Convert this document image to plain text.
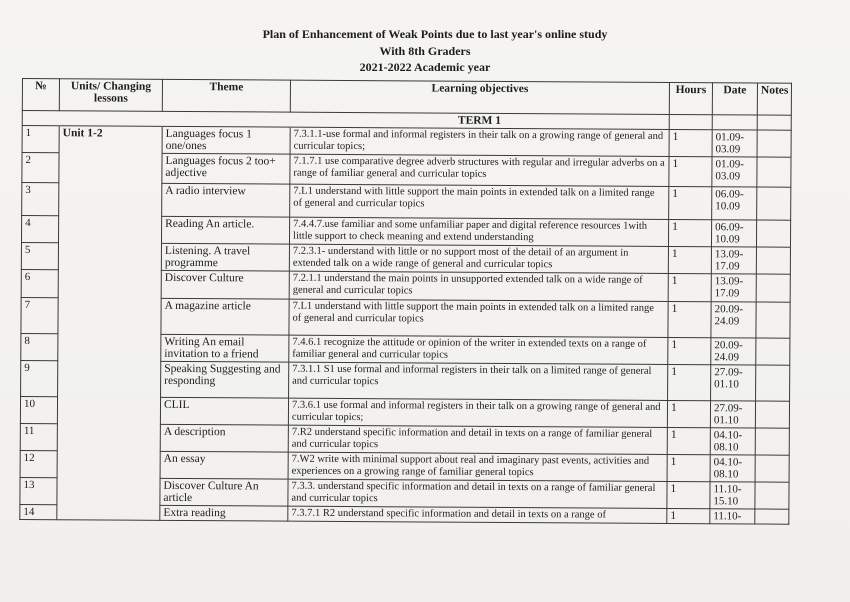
Plan of Enhancement of Weak Points due to last year's online study
With 8th Graders
2021-2022 Academic year
№	Units/ Changing lessons	Theme	Learning objectives	Hours	Date	Notes
			TERM 1			
1	Unit 1-2	Languages focus 1 one/ones	7.3.1.1-use formal and informal registers in their talk on a growing range of general and curricular topics;	1	01.09-03.09	
2		Languages focus 2 too+ adjective	7.1.7.1 use comparative degree adverb structures with regular and irregular adverbs on a range of familiar general and curricular topics	1	01.09-03.09	
3		A radio interview	7.L1 understand with little support the main points in extended talk on a limited range of general and curricular topics	1	06.09-10.09	
4		Reading An article.	7.4.4.7.use familiar and some unfamiliar paper and digital reference resources 1with little support to check meaning and extend understanding	1	06.09-10.09	
5		Listening. A travel programme	7.2.3.1- understand with little or no support most of the detail of an argument in extended talk on a wide range of general and curricular topics	1	13.09-17.09	
6		Discover Culture	7.2.1.1 understand the main points in unsupported extended talk on a wide range of general and curricular topics	1	13.09-17.09	
7		A magazine article	7.L1 understand with little support the main points in extended talk on a limited range of general and curricular topics	1	20.09-24.09	
8		Writing An email invitation to a friend	7.4.6.1 recognize the attitude or opinion of the writer in extended texts on a range of familiar general and curricular topics	1	20.09-24.09	
9		Speaking Suggesting and responding	7.3.1.1 S1 use formal and informal registers in their talk on a limited range of general and curricular topics	1	27.09-01.10	
10		CLIL	7.3.6.1 use formal and informal registers in their talk on a growing range of general and curricular topics;	1	27.09-01.10	
11		A description	7.R2 understand specific information and detail in texts on a range of familiar general and curricular topics	1	04.10-08.10	
12		An essay	7.W2 write with minimal support about real and imaginary past events, activities and experiences on a growing range of familiar general topics	1	04.10-08.10	
13		Discover Culture An article	7.3.3. understand specific information and detail in texts on a range of familiar general and curricular topics	1	11.10-15.10	
14		Extra reading	7.3.7.1 R2 understand specific information and detail in texts on a range of	1	11.10-	
